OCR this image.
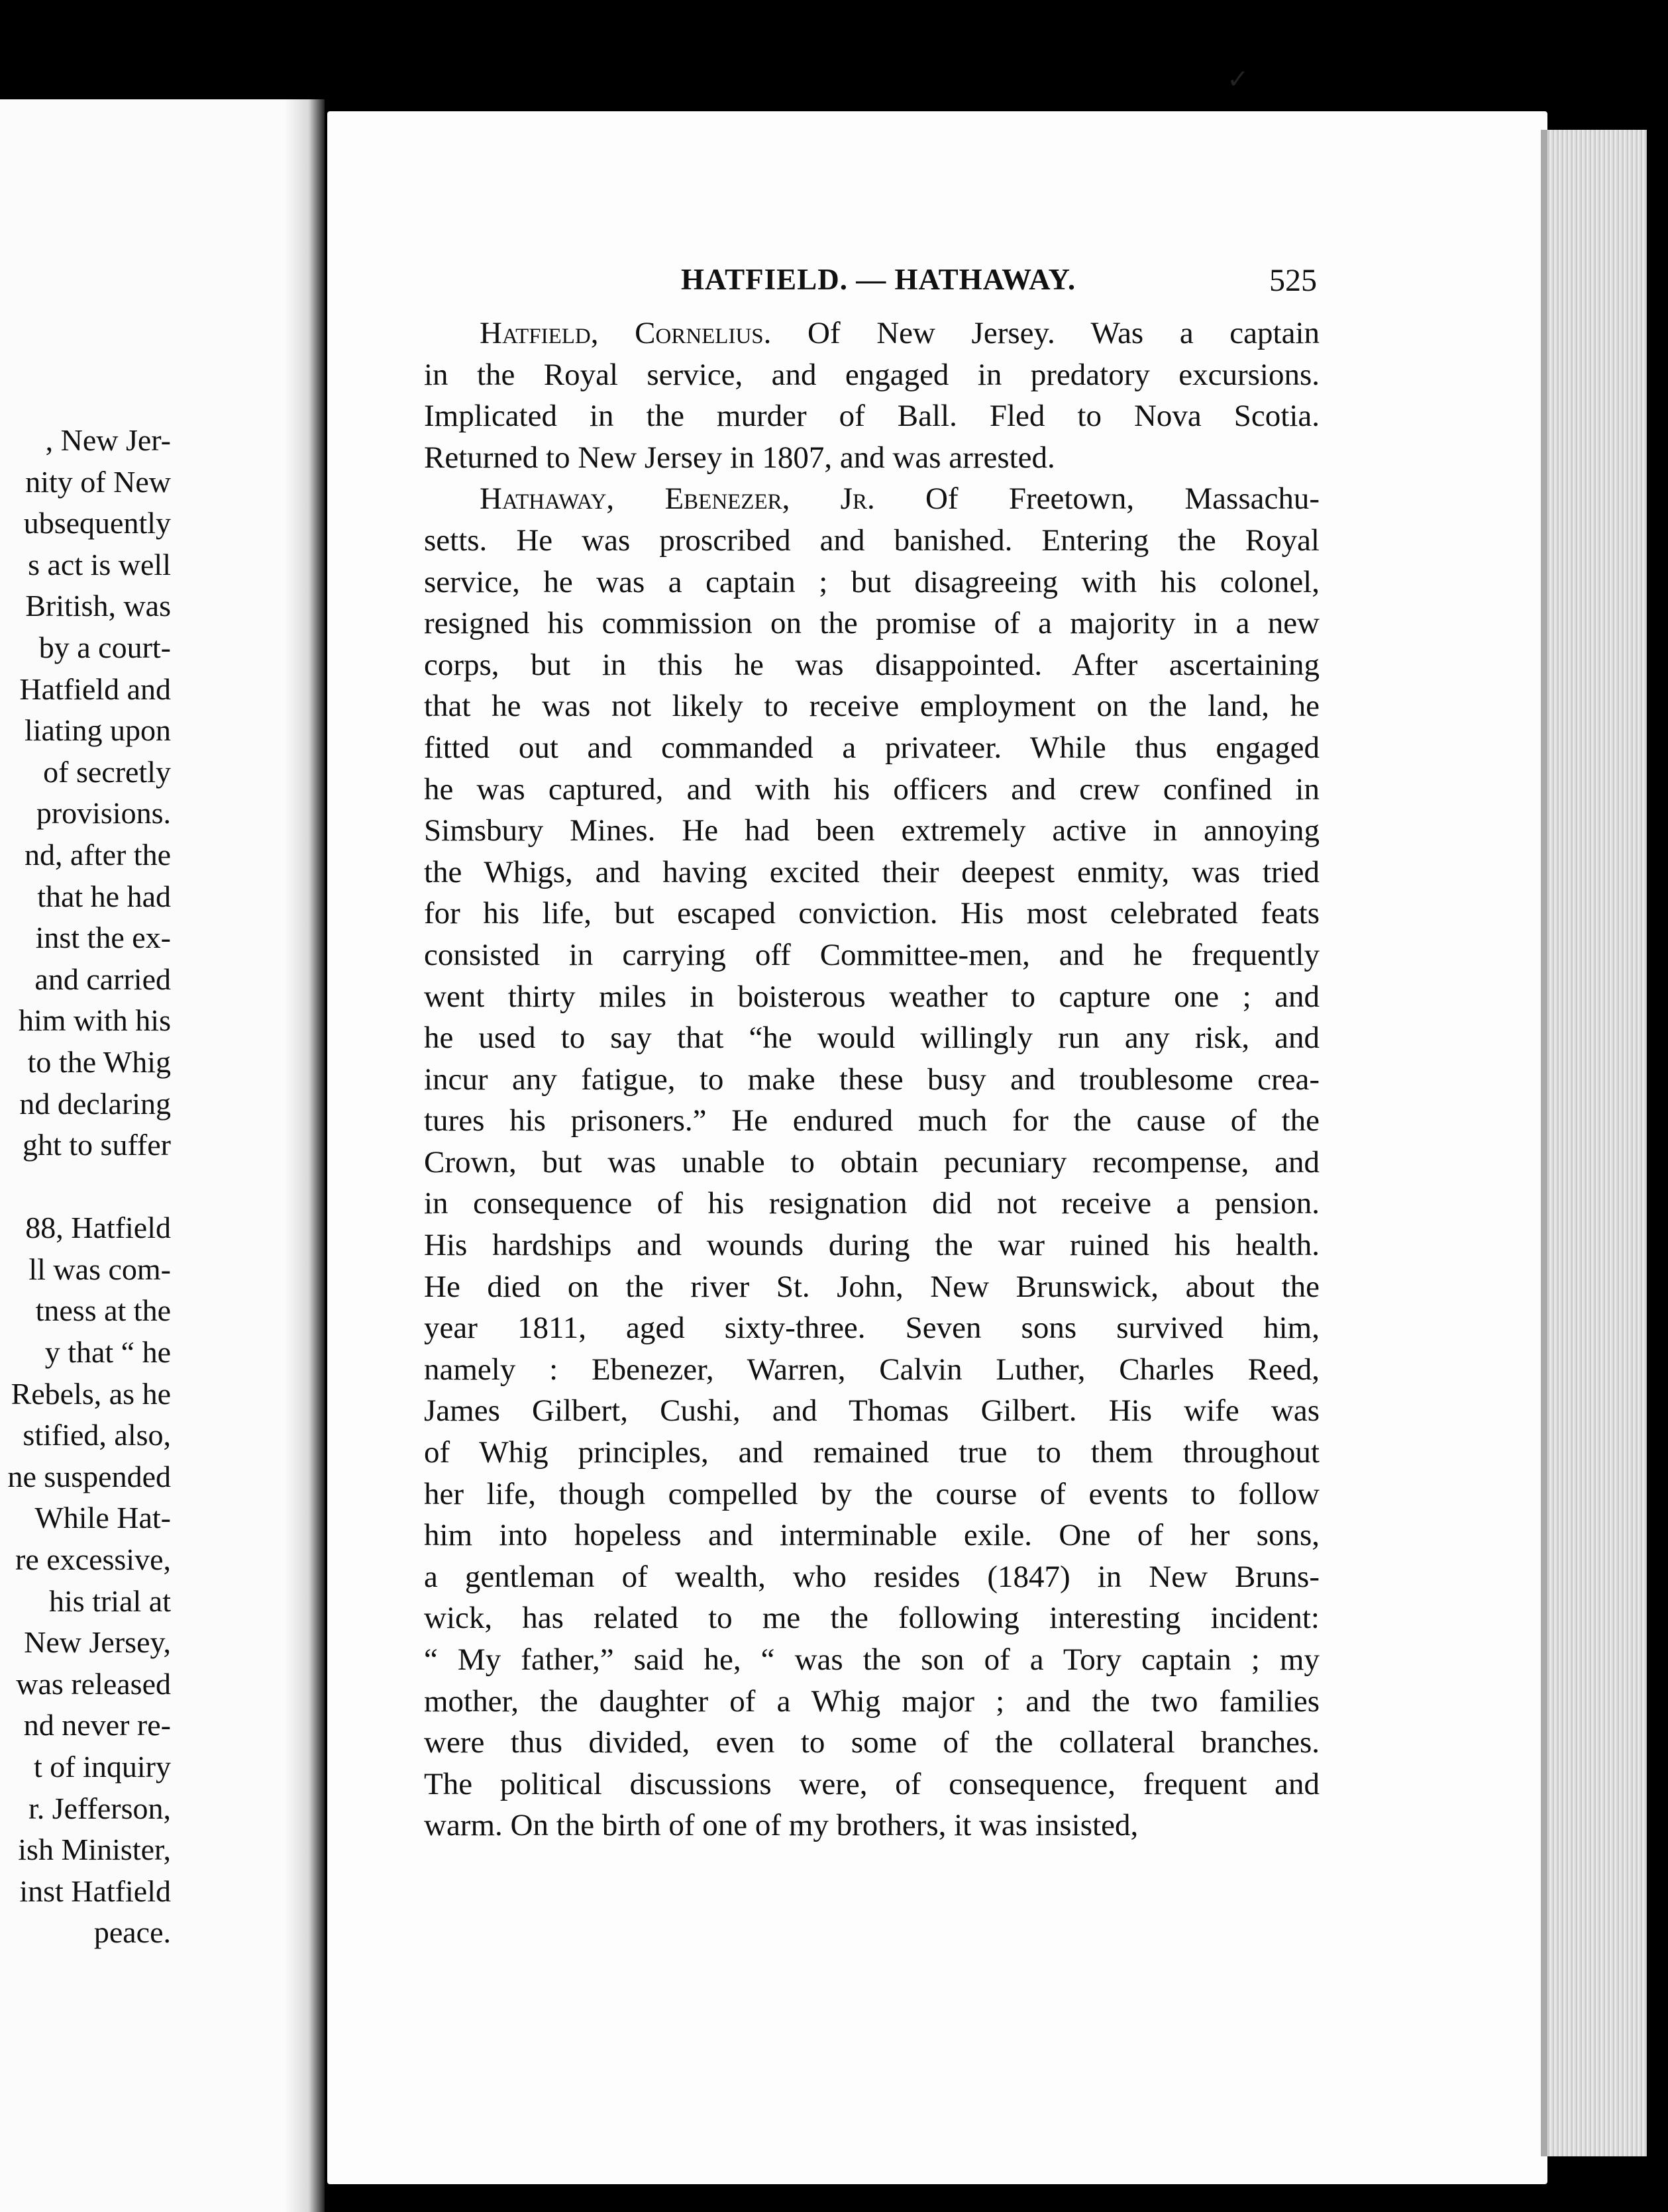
, New Jer-
nity of New
ubsequently
s act is well
British, was
by a court-
Hatfield and
liating upon
of secretly
provisions.
nd, after the
that he had
inst the ex-
and carried
him with his
to the Whig
nd declaring
ght to suffer

88, Hatfield
ll was com-
tness at the
y that “ he
Rebels, as he
stified, also,
ne suspended
While Hat-
re excessive,
his trial at
New Jersey,
was released
nd never re-
t of inquiry
r. Jefferson,
ish Minister,
inst Hatfield
peace.
HATFIELD. — HATHAWAY.	525

Hatfield, Cornelius. Of New Jersey. Was a captain
in the Royal service, and engaged in predatory excursions.
Implicated in the murder of Ball. Fled to Nova Scotia.
Returned to New Jersey in 1807, and was arrested.

Hathaway, Ebenezer, Jr. Of Freetown, Massachu-
setts. He was proscribed and banished. Entering the Royal
service, he was a captain ; but disagreeing with his colonel,
resigned his commission on the promise of a majority in a new
corps, but in this he was disappointed. After ascertaining
that he was not likely to receive employment on the land, he
fitted out and commanded a privateer. While thus engaged
he was captured, and with his officers and crew confined in
Simsbury Mines. He had been extremely active in annoying
the Whigs, and having excited their deepest enmity, was tried
for his life, but escaped conviction. His most celebrated feats
consisted in carrying off Committee-men, and he frequently
went thirty miles in boisterous weather to capture one ; and
he used to say that “he would willingly run any risk, and
incur any fatigue, to make these busy and troublesome crea-
tures his prisoners.” He endured much for the cause of the
Crown, but was unable to obtain pecuniary recompense, and
in consequence of his resignation did not receive a pension.
His hardships and wounds during the war ruined his health.
He died on the river St. John, New Brunswick, about the
year 1811, aged sixty-three. Seven sons survived him,
namely : Ebenezer, Warren, Calvin Luther, Charles Reed,
James Gilbert, Cushi, and Thomas Gilbert. His wife was
of Whig principles, and remained true to them throughout
her life, though compelled by the course of events to follow
him into hopeless and interminable exile. One of her sons,
a gentleman of wealth, who resides (1847) in New Bruns-
wick, has related to me the following interesting incident:
“ My father,” said he, “ was the son of a Tory captain ; my
mother, the daughter of a Whig major ; and the two families
were thus divided, even to some of the collateral branches.
The political discussions were, of consequence, frequent and
warm. On the birth of one of my brothers, it was insisted,

✓
